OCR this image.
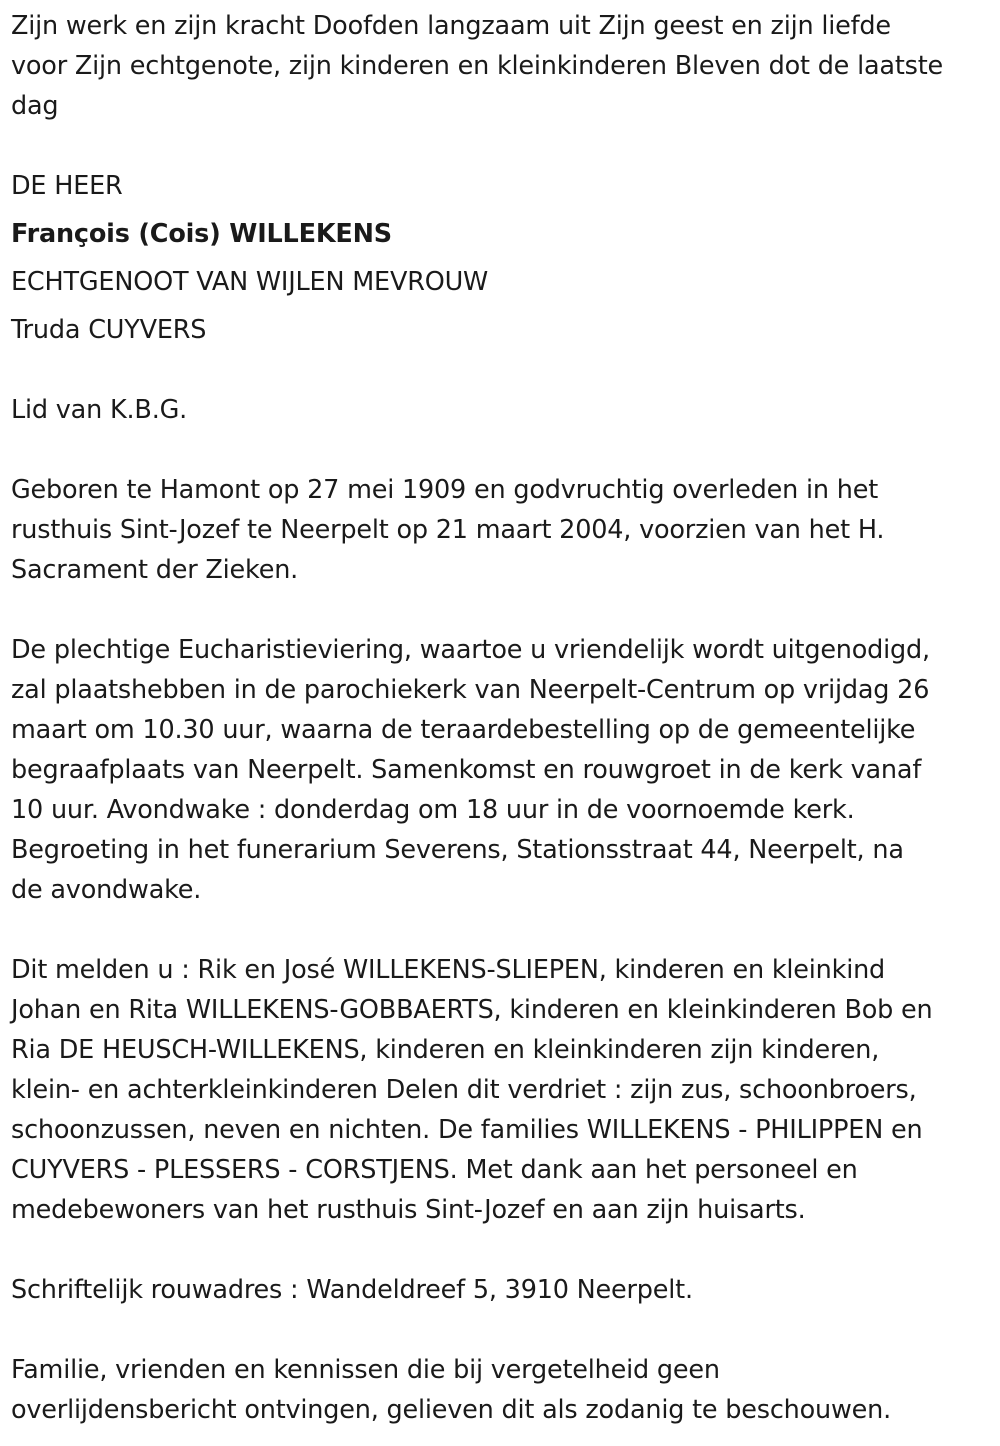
Zijn werk en zijn kracht Doofden langzaam uit Zijn geest en zijn liefde
voor Zijn echtgenote, zijn kinderen en kleinkinderen Bleven dot de laatste
dag
DE HEER
François (Cois) WILLEKENS
ECHTGENOOT VAN WIJLEN MEVROUW
Truda CUYVERS
Lid van K.B.G.
Geboren te Hamont op 27 mei 1909 en godvruchtig overleden in het
rusthuis Sint-Jozef te Neerpelt op 21 maart 2004, voorzien van het H.
Sacrament der Zieken.
De plechtige Eucharistieviering, waartoe u vriendelijk wordt uitgenodigd,
zal plaatshebben in de parochiekerk van Neerpelt-Centrum op vrijdag 26
maart om 10.30 uur, waarna de teraardebestelling op de gemeentelijke
begraafplaats van Neerpelt. Samenkomst en rouwgroet in de kerk vanaf
10 uur. Avondwake : donderdag om 18 uur in de voornoemde kerk.
Begroeting in het funerarium Severens, Stationsstraat 44, Neerpelt, na
de avondwake.
Dit melden u : Rik en José WILLEKENS-SLIEPEN, kinderen en kleinkind
Johan en Rita WILLEKENS-GOBBAERTS, kinderen en kleinkinderen Bob en
Ria DE HEUSCH-WILLEKENS, kinderen en kleinkinderen zijn kinderen,
klein- en achterkleinkinderen Delen dit verdriet : zijn zus, schoonbroers,
schoonzussen, neven en nichten. De families WILLEKENS - PHILIPPEN en
CUYVERS - PLESSERS - CORSTJENS. Met dank aan het personeel en
medebewoners van het rusthuis Sint-Jozef en aan zijn huisarts.
Schriftelijk rouwadres : Wandeldreef 5, 3910 Neerpelt.
Familie, vrienden en kennissen die bij vergetelheid geen
overlijdensbericht ontvingen, gelieven dit als zodanig te beschouwen.
